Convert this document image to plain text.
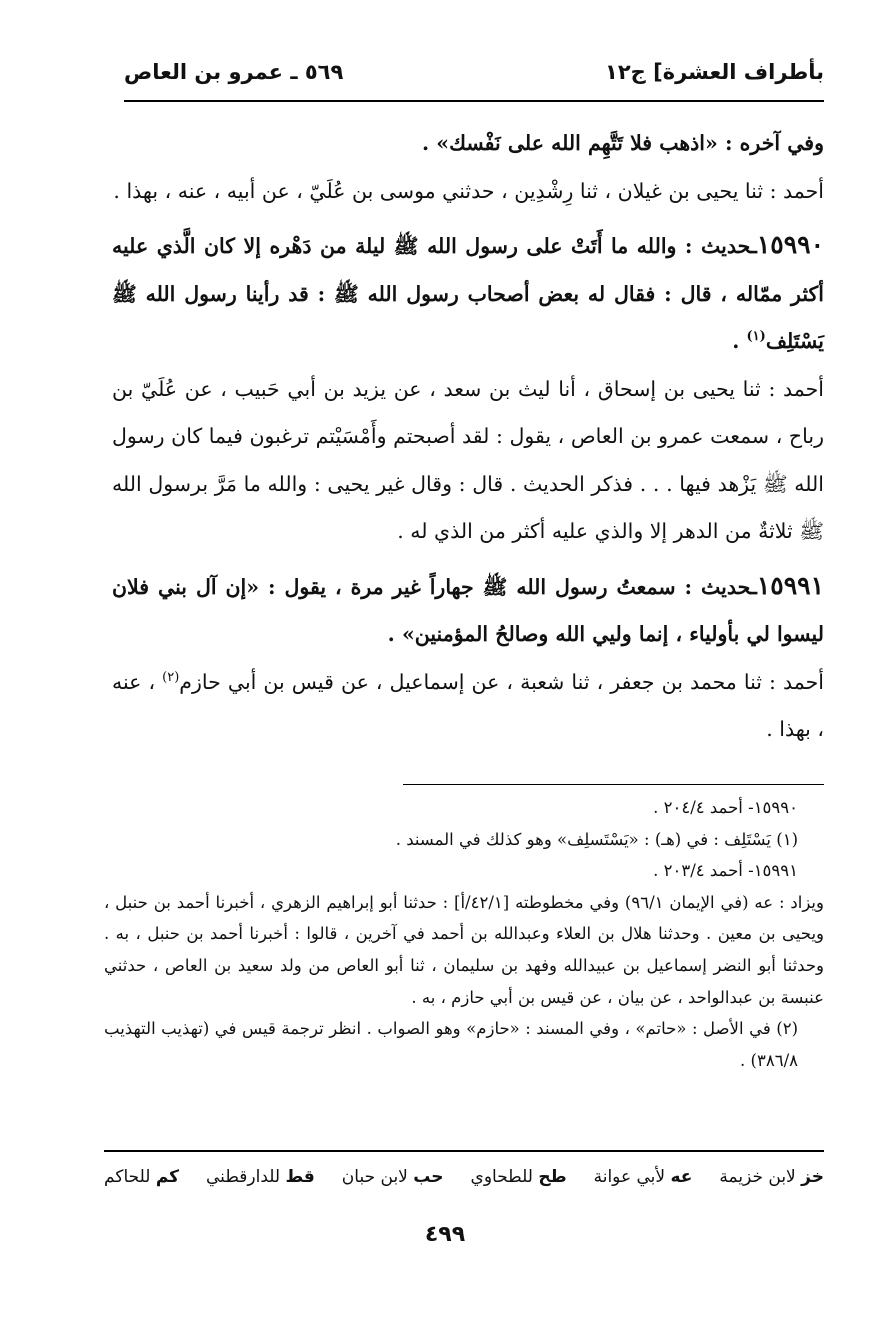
بأطراف العشرة] ج١٢
٥٦٩ ـ عمرو بن العاص

وفي آخره : «اذهب فلا تَتَّهِم الله على نَفْسك» .

أحمد : ثنا يحيى بن غيلان ، ثنا رِشْدِين ، حدثني موسى بن عُلَيّ ، عن أبيه ، عنه ، بهذا .

١٥٩٩٠ـحديث : والله ما أَتَتْ على رسول الله ﷺ ليلة من دَهْره إلا كان الَّذي عليه أكثر ممّاله ، قال : فقال له بعض أصحاب رسول الله ﷺ : قد رأينا رسول الله ﷺ يَسْتَلِف$^{(١)}$ .

أحمد : ثنا يحيى بن إسحاق ، أنا ليث بن سعد ، عن يزيد بن أبي حَبيب ، عن عُلَيّ بن رباح ، سمعت عمرو بن العاص ، يقول : لقد أصبحتم وأَمْسَيْتم ترغبون فيما كان رسول الله ﷺ يَزْهد فيها . . . فذكر الحديث . قال : وقال غير يحيى : والله ما مَرَّ برسول الله ﷺ ثلاثةٌ من الدهر إلا والذي عليه أكثر من الذي له .

١٥٩٩١ـحديث : سمعتُ رسول الله ﷺ جهاراً غير مرة ، يقول : «إن آل بني فلان ليسوا لي بأولياء ، إنما وليي الله وصالحُ المؤمنين» .

أحمد : ثنا محمد بن جعفر ، ثنا شعبة ، عن إسماعيل ، عن قيس بن أبي حازم$^{(٢)}$ ، عنه ، بهذا .

١٥٩٩٠- أحمد ٢٠٤/٤ .

(١) يَسْتَلِف : في (هـ) : «يَسْتَسلِف» وهو كذلك في المسند .

١٥٩٩١- أحمد ٢٠٣/٤ .

ويزاد : عه (في الإيمان ٩٦/١) وفي مخطوطته [٤٢/١/أ] : حدثنا أبو إبراهيم الزهري ، أخبرنا أحمد بن حنبل ، ويحيى بن معين . وحدثنا هلال بن العلاء وعبدالله بن أحمد في آخرين ، قالوا : أخبرنا أحمد بن حنبل ، به . وحدثنا أبو النضر إسماعيل بن عبيدالله وفهد بن سليمان ، ثنا أبو العاص من ولد سعيد بن العاص ، حدثني عنبسة بن عبدالواحد ، عن بيان ، عن قيس بن أبي حازم ، به .

(٢) في الأصل : «حاتم» ، وفي المسند : «حازم» وهو الصواب . انظر ترجمة قيس في (تهذيب التهذيب ٣٨٦/٨) .

خز لابن خزيمة
عه لأبي عوانة
طح للطحاوي
حب لابن حبان
قط للدارقطني
كم للحاكم
٤٩٩
